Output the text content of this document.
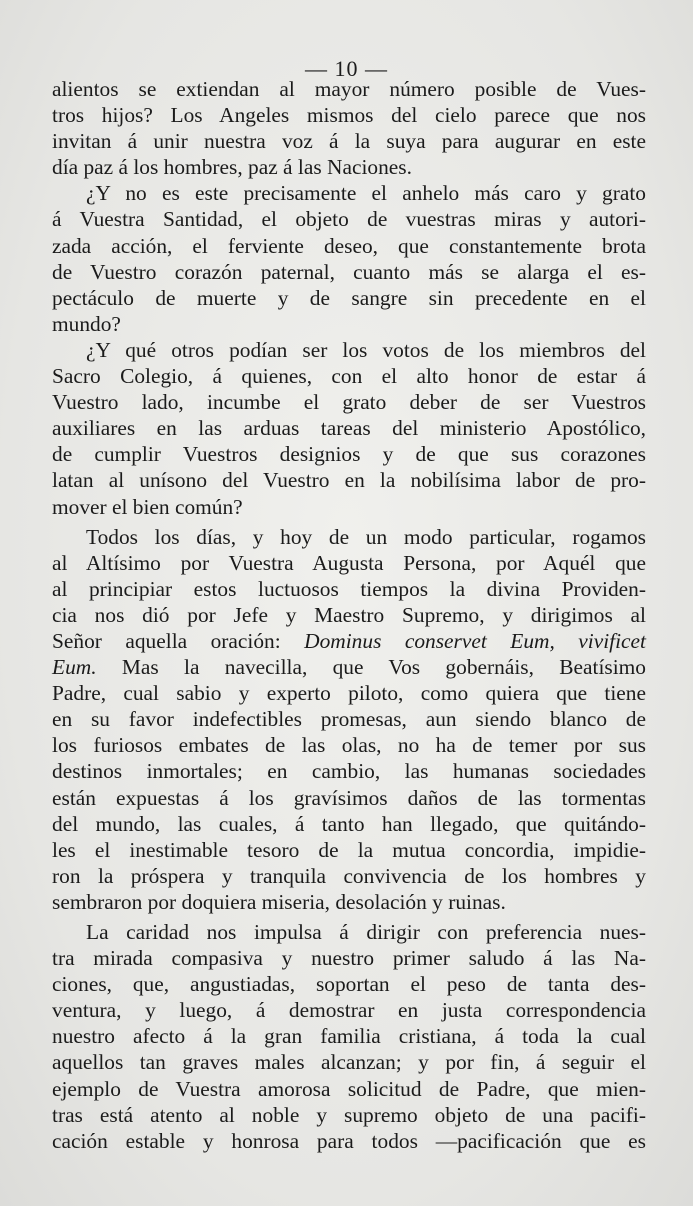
— 10 —
alientos se extiendan al mayor número posible de Vues-
tros hijos? Los Angeles mismos del cielo parece que nos
invitan á unir nuestra voz á la suya para augurar en este
día paz á los hombres, paz á las Naciones.
¿Y no es este precisamente el anhelo más caro y grato
á Vuestra Santidad, el objeto de vuestras miras y autori-
zada acción, el ferviente deseo, que constantemente brota
de Vuestro corazón paternal, cuanto más se alarga el es-
pectáculo de muerte y de sangre sin precedente en el
mundo?
¿Y qué otros podían ser los votos de los miembros del
Sacro Colegio, á quienes, con el alto honor de estar á
Vuestro lado, incumbe el grato deber de ser Vuestros
auxiliares en las arduas tareas del ministerio Apostólico,
de cumplir Vuestros designios y de que sus corazones
latan al unísono del Vuestro en la nobilísima labor de pro-
mover el bien común?
Todos los días, y hoy de un modo particular, rogamos
al Altísimo por Vuestra Augusta Persona, por Aquél que
al principiar estos luctuosos tiempos la divina Providen-
cia nos dió por Jefe y Maestro Supremo, y dirigimos al
Señor aquella oración: Dominus conservet Eum, vivificet
Eum. Mas la navecilla, que Vos gobernáis, Beatísimo
Padre, cual sabio y experto piloto, como quiera que tiene
en su favor indefectibles promesas, aun siendo blanco de
los furiosos embates de las olas, no ha de temer por sus
destinos inmortales; en cambio, las humanas sociedades
están expuestas á los gravísimos daños de las tormentas
del mundo, las cuales, á tanto han llegado, que quitándo-
les el inestimable tesoro de la mutua concordia, impidie-
ron la próspera y tranquila convivencia de los hombres y
sembraron por doquiera miseria, desolación y ruinas.
La caridad nos impulsa á dirigir con preferencia nues-
tra mirada compasiva y nuestro primer saludo á las Na-
ciones, que, angustiadas, soportan el peso de tanta des-
ventura, y luego, á demostrar en justa correspondencia
nuestro afecto á la gran familia cristiana, á toda la cual
aquellos tan graves males alcanzan; y por fin, á seguir el
ejemplo de Vuestra amorosa solicitud de Padre, que mien-
tras está atento al noble y supremo objeto de una pacifi-
cación estable y honrosa para todos —pacificación que es
